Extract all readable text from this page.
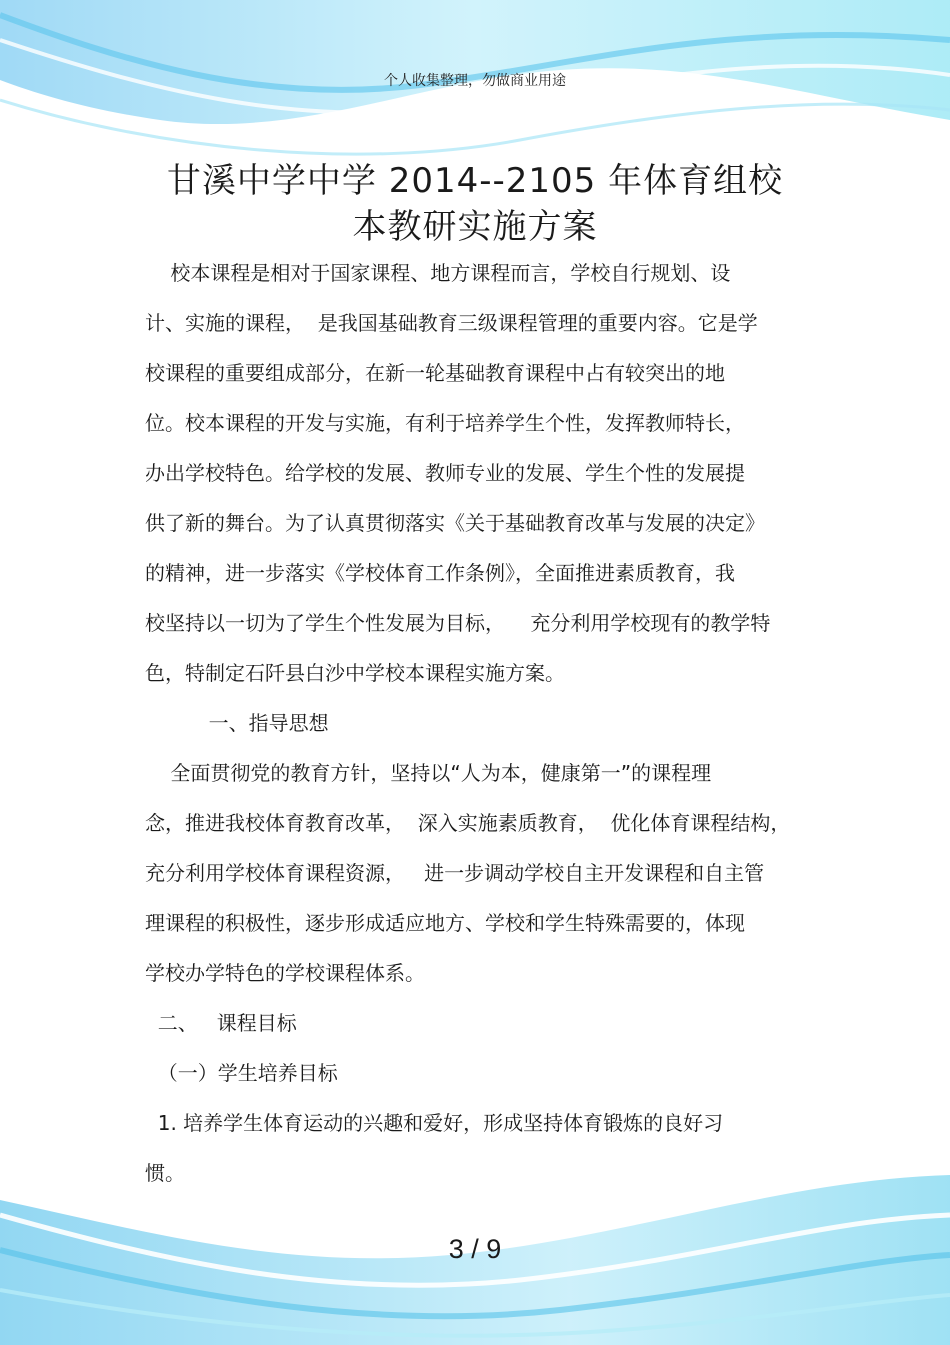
个人收集整理，勿做商业用途
甘溪中学中学 2014--2105 年体育组校
本教研实施方案
校本课程是相对于国家课程、地方课程而言，学校自行规划、设
计、实施的课程，  是我国基础教育三级课程管理的重要内容。它是学
校课程的重要组成部分，在新一轮基础教育课程中占有较突出的地
位。校本课程的开发与实施，有利于培养学生个性，发挥教师特长，
办出学校特色。给学校的发展、教师专业的发展、学生个性的发展提
供了新的舞台。为了认真贯彻落实《关于基础教育改革与发展的决定》
的精神，进一步落实《学校体育工作条例》，全面推进素质教育，我
校坚持以一切为了学生个性发展为目标，    充分利用学校现有的教学特
色，特制定石阡县白沙中学校本课程实施方案。
一、指导思想
全面贯彻党的教育方针，坚持以“人为本，健康第一”的课程理
念，推进我校体育教育改革，  深入实施素质教育，  优化体育课程结构，
充分利用学校体育课程资源，   进一步调动学校自主开发课程和自主管
理课程的积极性，逐步形成适应地方、学校和学生特殊需要的，体现
学校办学特色的学校课程体系。
二、   课程目标
（一）学生培养目标
1. 培养学生体育运动的兴趣和爱好，形成坚持体育锻炼的良好习
惯。
3 / 9
